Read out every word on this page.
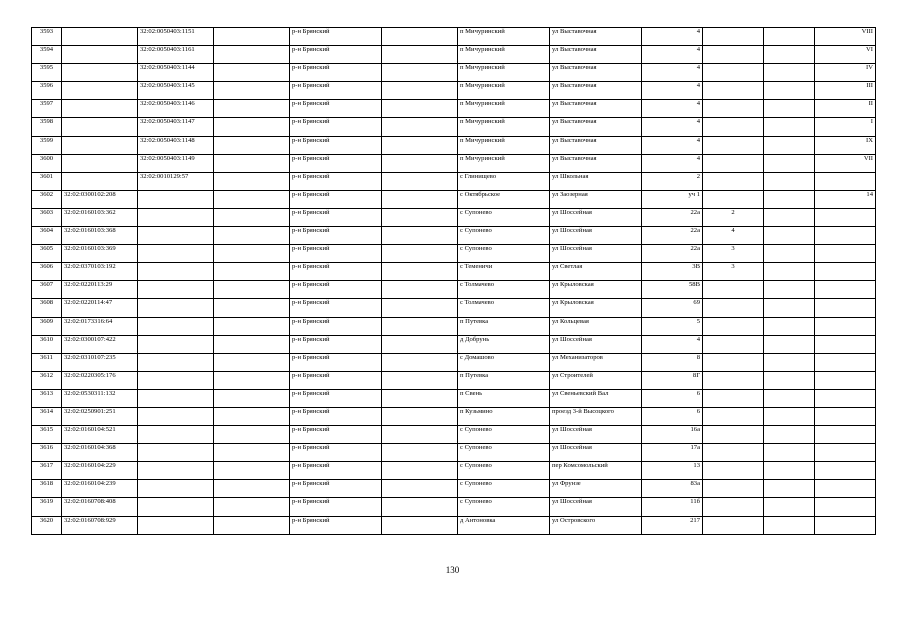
3593		32:02:0050403:1151		р-н Брянский		п Мичуринский	ул Выставочная	4			VIII
3594		32:02:0050403:1161		р-н Брянский		п Мичуринский	ул Выставочная	4			VI
3595		32:02:0050403:1144		р-н Брянский		п Мичуринский	ул Выставочная	4			IV
3596		32:02:0050403:1145		р-н Брянский		п Мичуринский	ул Выставочная	4			III
3597		32:02:0050403:1146		р-н Брянский		п Мичуринский	ул Выставочная	4			II
3598		32:02:0050403:1147		р-н Брянский		п Мичуринский	ул Выставочная	4			I
3599		32:02:0050403:1148		р-н Брянский		п Мичуринский	ул Выставочная	4			IX
3600		32:02:0050403:1149		р-н Брянский		п Мичуринский	ул Выставочная	4			VII
3601		32:02:0010129:57		р-н Брянский		с Глинищево	ул Школьная	2			
3602	32:02:0300102:208			р-н Брянский		с Октябрьское	ул Заозерная	уч 1			14
3603	32:02:0160103:362			р-н Брянский		с Супонево	ул Шоссейная	22а	2		
3604	32:02:0160103:368			р-н Брянский		с Супонево	ул Шоссейная	22а	4		
3605	32:02:0160103:369			р-н Брянский		с Супонево	ул Шоссейная	22а	3		
3606	32:02:0370103:192			р-н Брянский		с Теменичи	ул Светлая	3В	3		
3607	32:02:0220113:29			р-н Брянский		с Толмачево	ул Крыловская	58В			
3608	32:02:0220114:47			р-н Брянский		с Толмачево	ул Крыловская	69			
3609	32:02:0173316:64			р-н Брянский		п Путевка	ул Кольцевая	5			
3610	32:02:0300107:422			р-н Брянский		д Добрунь	ул Шоссейная	4			
3611	32:02:0310107:235			р-н Брянский		с Домашово	ул Механизаторов	8			
3612	32:02:0220305:176			р-н Брянский		п Путевка	ул Строителей	8Г			
3613	32:02:0530311:132			р-н Брянский		п Свень	ул Свеньевский Вал	6			
3614	32:02:0250901:251			р-н Брянский		п Кузьмино	проезд 3-й Высоцкого	6			
3615	32:02:0160104:521			р-н Брянский		с Супонево	ул Шоссейная	16а			
3616	32:02:0160104:368			р-н Брянский		с Супонево	ул Шоссейная	17а			
3617	32:02:0160104:229			р-н Брянский		с Супонево	пер Комсомольский	13			
3618	32:02:0160104:239			р-н Брянский		с Супонево	ул Фрунзе	83а			
3619	32:02:0160708:408			р-н Брянский		с Супонево	ул Шоссейная	11б			
3620	32:02:0160708:929			р-н Брянский		д Антоновка	ул Островского	217			
130
